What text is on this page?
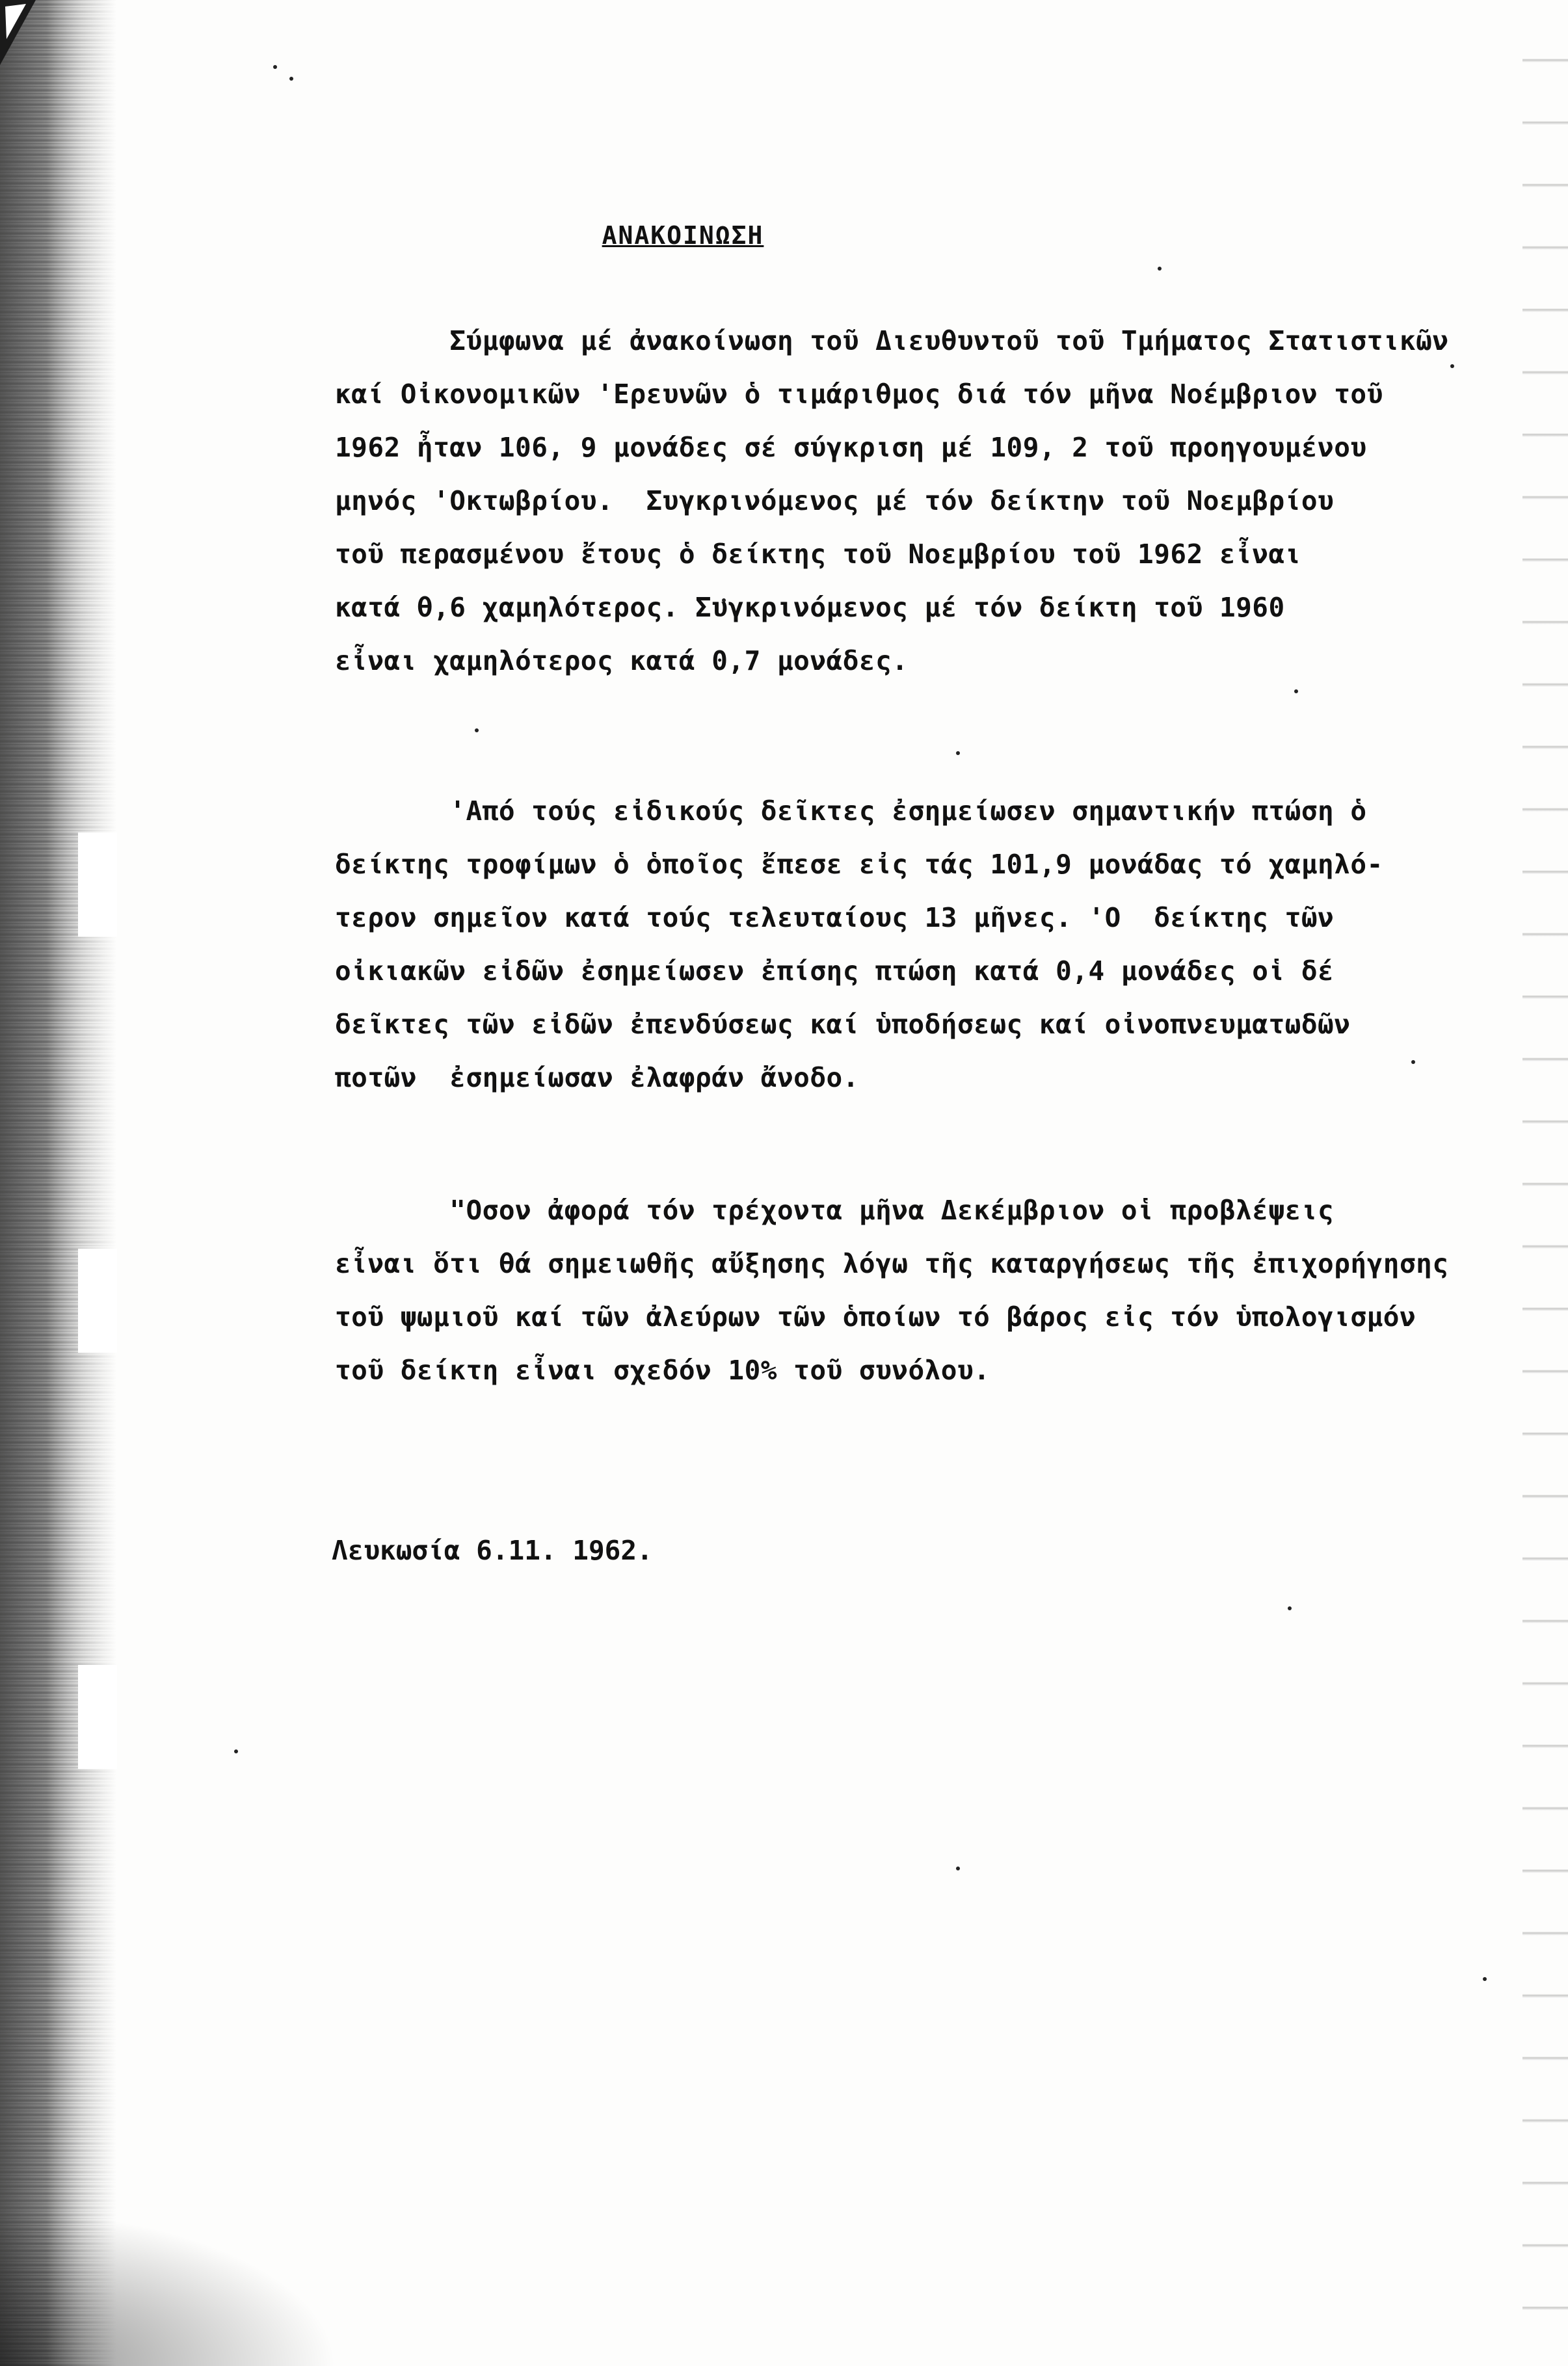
ΑΝΑΚΟΙΝΩΣΗ
Σύμφωνα μέ ἀνακοίνωση τοῦ Διευθυντοῦ τοῦ Τμήματος Στατιστικῶν
καί Οἰκονομικῶν 'Ερευνῶν ὁ τιμάριθμος διά τόν μῆνα Νοέμβριον τοῦ
1962 ἦταν 106, 9 μονάδες σέ σύγκριση μέ 109, 2 τοῦ προηγουμένου
μηνός 'Οκτωβρίου.  Συγκρινόμενος μέ τόν δείκτην τοῦ Νοεμβρίου
τοῦ περασμένου ἔτους ὁ δείκτης τοῦ Νοεμβρίου τοῦ 1962 εἶναι
κατά θ,6 χαμηλότερος. Συγκρινόμενος μέ τόν δείκτη τοῦ 1960
εἶναι χαμηλότερος κατά 0,7 μονάδες.
'Από τούς εἰδικούς δεῖκτες ἐσημείωσεν σημαντικήν πτώση ὁ
δείκτης τροφίμων ὁ ὁποῖος ἔπεσε εἰς τάς 101,9 μονάδας τό χαμηλό-
τερον σημεῖον κατά τούς τελευταίους 13 μῆνες. 'Ο  δείκτης τῶν
οἰκιακῶν εἰδῶν ἐσημείωσεν ἐπίσης πτώση κατά 0,4 μονάδες οἱ δέ
δεῖκτες τῶν εἰδῶν ἐπενδύσεως καί ὑποδήσεως καί οἰνοπνευματωδῶν
ποτῶν  ἐσημείωσαν ἐλαφράν ἄνοδο.
"Οσον ἀφορά τόν τρέχοντα μῆνα Δεκέμβριον οἱ προβλέψεις
εἶναι ὅτι θά σημειωθῆς αὔξησης λόγω τῆς καταργήσεως τῆς ἐπιχορήγησης
τοῦ ψωμιοῦ καί τῶν ἀλεύρων τῶν ὁποίων τό βάρος εἰς τόν ὑπολογισμόν
τοῦ δείκτη εἶναι σχεδόν 10% τοῦ συνόλου.
Λευκωσία 6.11. 1962.
